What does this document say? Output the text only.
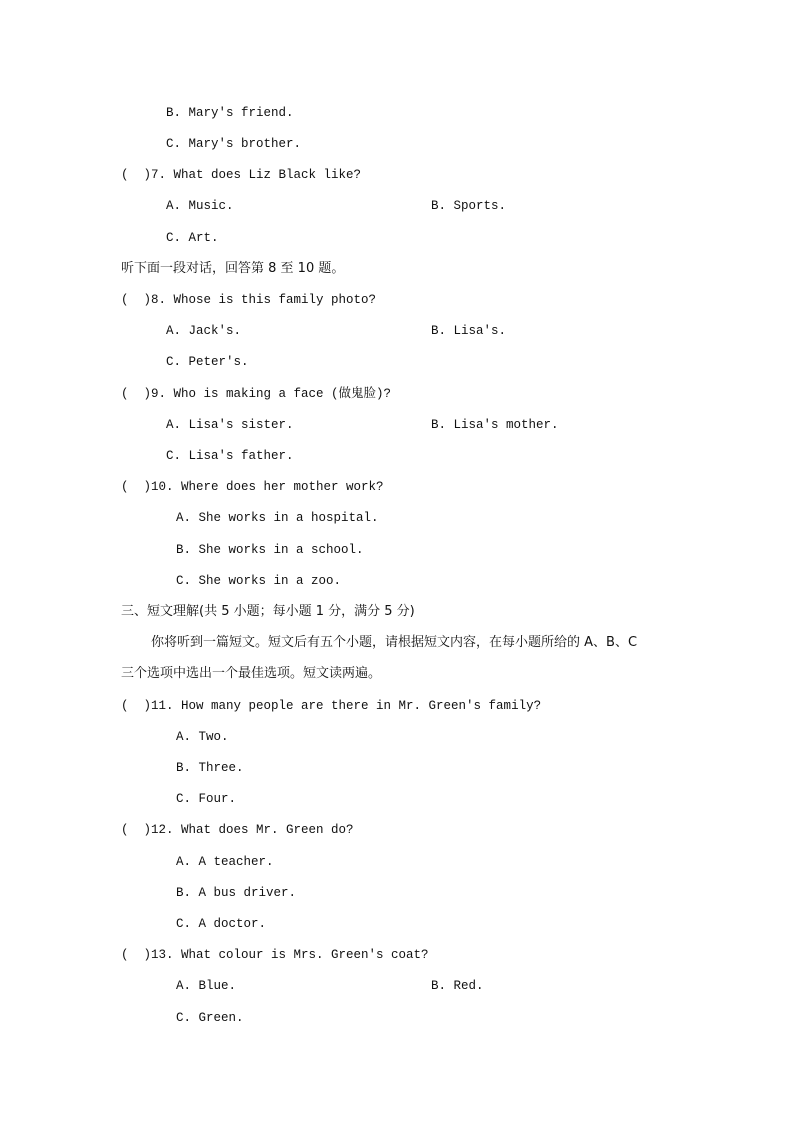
B. Mary's friend.
C. Mary's brother.
(  )7. What does Liz Black like?
A. Music.	B. Sports.
C. Art.
听下面一段对话，回答第 8 至 10 题。
(  )8. Whose is this family photo?
A. Jack's.	B. Lisa's.
C. Peter's.
(  )9. Who is making a face (做鬼脸)?
A. Lisa's sister.	B. Lisa's mother.
C. Lisa's father.
(  )10. Where does her mother work?
A. She works in a hospital.
B. She works in a school.
C. She works in a zoo.
三、短文理解(共 5 小题；每小题 1 分，满分 5 分)
你将听到一篇短文。短文后有五个小题，请根据短文内容，在每小题所给的 A、B、C
三个选项中选出一个最佳选项。短文读两遍。
(  )11. How many people are there in Mr. Green's family?
A. Two.
B. Three.
C. Four.
(  )12. What does Mr. Green do?
A. A teacher.
B. A bus driver.
C. A doctor.
(  )13. What colour is Mrs. Green's coat?
A. Blue.	B. Red.
C. Green.
